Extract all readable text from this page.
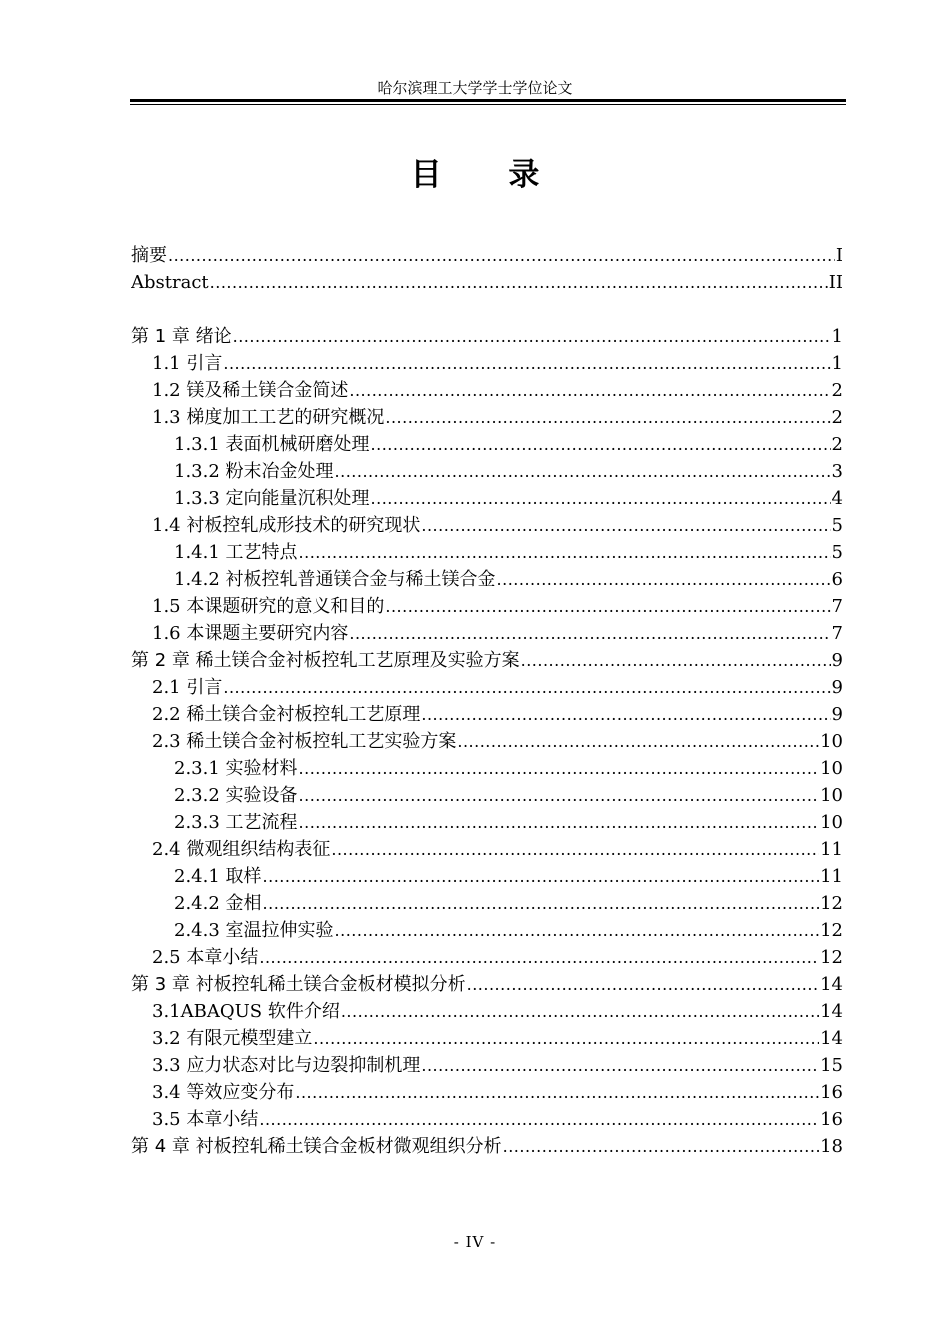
哈尔滨理工大学学士学位论文
目 录
摘要 .....	I
Abstract .....	II
第 1 章 绪论 .....	1
1.1 引言 .....	1
1.2 镁及稀土镁合金简述 .....	2
1.3 梯度加工工艺的研究概况 .....	2
1.3.1 表面机械研磨处理 .....	2
1.3.2 粉末冶金处理 .....	3
1.3.3 定向能量沉积处理 .....	4
1.4 衬板控轧成形技术的研究现状 .....	5
1.4.1 工艺特点 .....	5
1.4.2 衬板控轧普通镁合金与稀土镁合金 .....	6
1.5 本课题研究的意义和目的 .....	7
1.6 本课题主要研究内容 .....	7
第 2 章 稀土镁合金衬板控轧工艺原理及实验方案 .....	9
2.1 引言 .....	9
2.2 稀土镁合金衬板控轧工艺原理 .....	9
2.3 稀土镁合金衬板控轧工艺实验方案 .....	10
2.3.1 实验材料 .....	10
2.3.2 实验设备 .....	10
2.3.3 工艺流程 .....	10
2.4 微观组织结构表征 .....	11
2.4.1 取样 .....	11
2.4.2 金相 .....	12
2.4.3 室温拉伸实验 .....	12
2.5 本章小结 .....	12
第 3 章 衬板控轧稀土镁合金板材模拟分析 .....	14
3.1ABAQUS 软件介绍 .....	14
3.2 有限元模型建立 .....	14
3.3 应力状态对比与边裂抑制机理 .....	15
3.4 等效应变分布 .....	16
3.5 本章小结 .....	16
第 4 章 衬板控轧稀土镁合金板材微观组织分析 .....	18
- IV -
